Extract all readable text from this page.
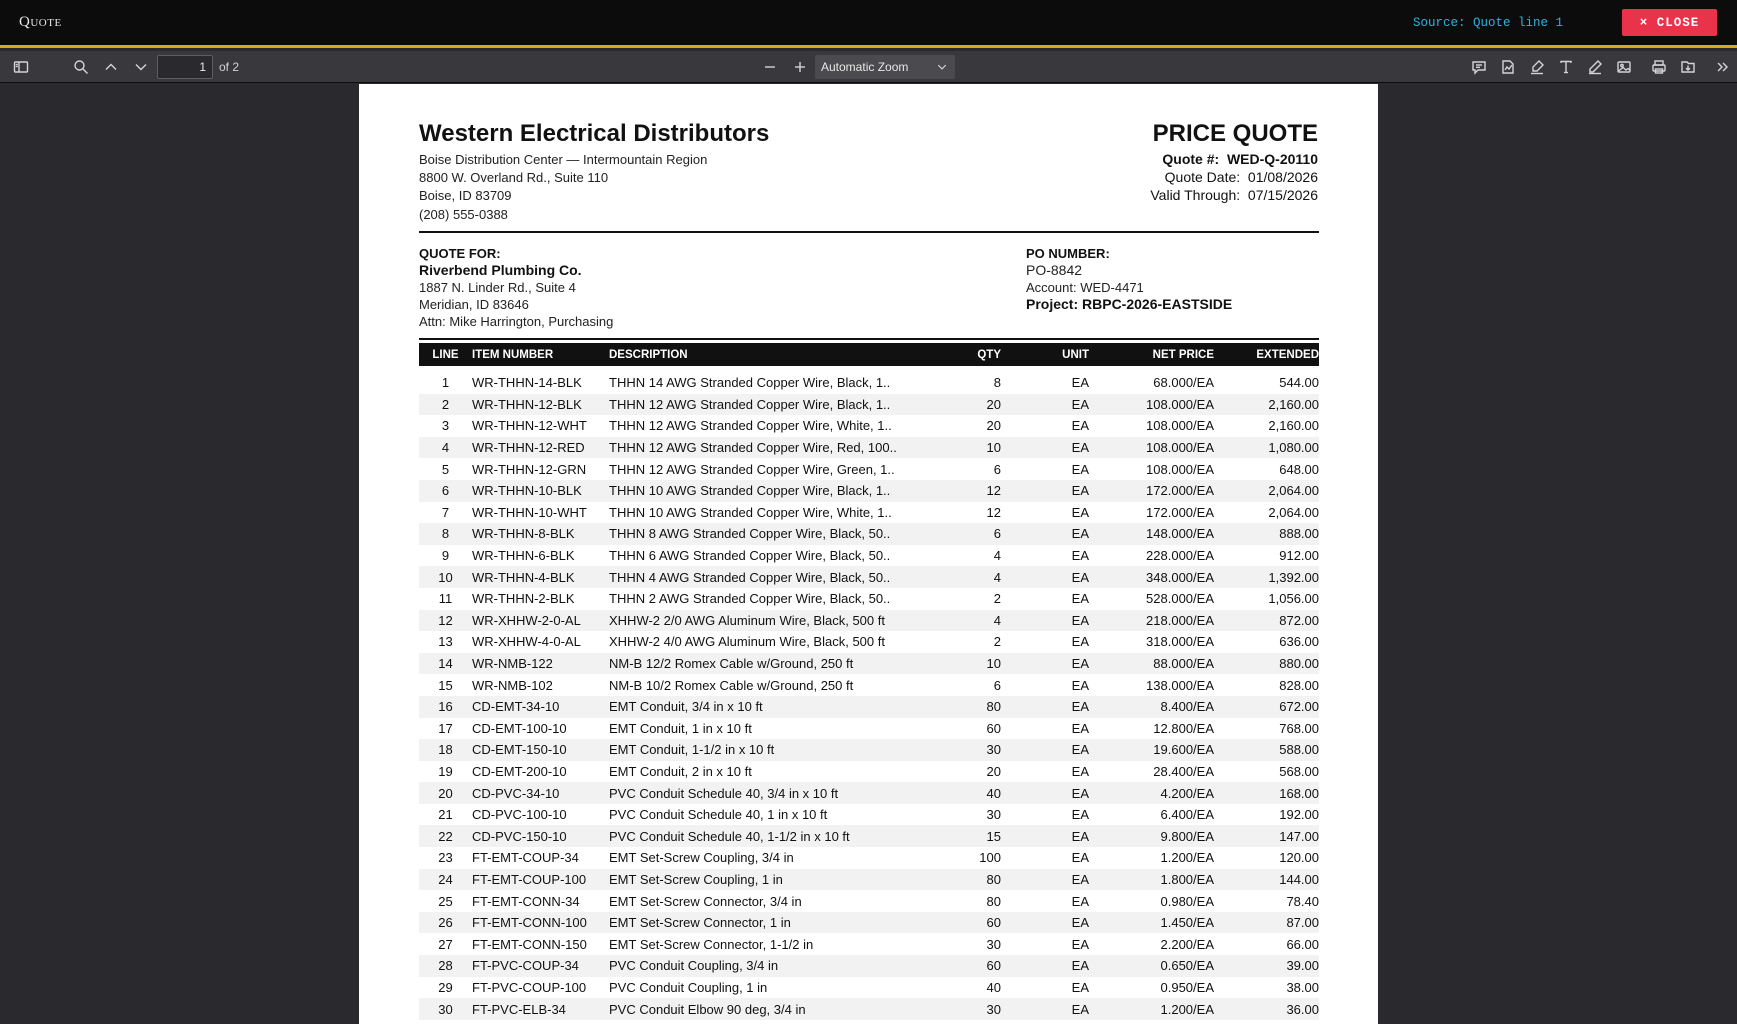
Quote	Source: Quote line 1	× CLOSE
1	of 2	Automatic Zoom
Western Electrical Distributors
Boise Distribution Center — Intermountain Region
8800 W. Overland Rd., Suite 110
Boise, ID 83709
(208) 555-0388
PRICE QUOTE
Quote #: WED-Q-20110
Quote Date: 01/08/2026
Valid Through: 07/15/2026
QUOTE FOR:
Riverbend Plumbing Co.
1887 N. Linder Rd., Suite 4
Meridian, ID 83646
Attn: Mike Harrington, Purchasing
PO NUMBER:
PO-8842
Account: WED-4471
Project: RBPC-2026-EASTSIDE
LINE	ITEM NUMBER	DESCRIPTION	QTY	UNIT	NET PRICE	EXTENDED
1	WR-THHN-14-BLK	THHN 14 AWG Stranded Copper Wire, Black, 1..	8	EA	68.000/EA	544.00
2	WR-THHN-12-BLK	THHN 12 AWG Stranded Copper Wire, Black, 1..	20	EA	108.000/EA	2,160.00
3	WR-THHN-12-WHT	THHN 12 AWG Stranded Copper Wire, White, 1..	20	EA	108.000/EA	2,160.00
4	WR-THHN-12-RED	THHN 12 AWG Stranded Copper Wire, Red, 100..	10	EA	108.000/EA	1,080.00
5	WR-THHN-12-GRN	THHN 12 AWG Stranded Copper Wire, Green, 1..	6	EA	108.000/EA	648.00
6	WR-THHN-10-BLK	THHN 10 AWG Stranded Copper Wire, Black, 1..	12	EA	172.000/EA	2,064.00
7	WR-THHN-10-WHT	THHN 10 AWG Stranded Copper Wire, White, 1..	12	EA	172.000/EA	2,064.00
8	WR-THHN-8-BLK	THHN 8 AWG Stranded Copper Wire, Black, 50..	6	EA	148.000/EA	888.00
9	WR-THHN-6-BLK	THHN 6 AWG Stranded Copper Wire, Black, 50..	4	EA	228.000/EA	912.00
10	WR-THHN-4-BLK	THHN 4 AWG Stranded Copper Wire, Black, 50..	4	EA	348.000/EA	1,392.00
11	WR-THHN-2-BLK	THHN 2 AWG Stranded Copper Wire, Black, 50..	2	EA	528.000/EA	1,056.00
12	WR-XHHW-2-0-AL	XHHW-2 2/0 AWG Aluminum Wire, Black, 500 ft	4	EA	218.000/EA	872.00
13	WR-XHHW-4-0-AL	XHHW-2 4/0 AWG Aluminum Wire, Black, 500 ft	2	EA	318.000/EA	636.00
14	WR-NMB-122	NM-B 12/2 Romex Cable w/Ground, 250 ft	10	EA	88.000/EA	880.00
15	WR-NMB-102	NM-B 10/2 Romex Cable w/Ground, 250 ft	6	EA	138.000/EA	828.00
16	CD-EMT-34-10	EMT Conduit, 3/4 in x 10 ft	80	EA	8.400/EA	672.00
17	CD-EMT-100-10	EMT Conduit, 1 in x 10 ft	60	EA	12.800/EA	768.00
18	CD-EMT-150-10	EMT Conduit, 1-1/2 in x 10 ft	30	EA	19.600/EA	588.00
19	CD-EMT-200-10	EMT Conduit, 2 in x 10 ft	20	EA	28.400/EA	568.00
20	CD-PVC-34-10	PVC Conduit Schedule 40, 3/4 in x 10 ft	40	EA	4.200/EA	168.00
21	CD-PVC-100-10	PVC Conduit Schedule 40, 1 in x 10 ft	30	EA	6.400/EA	192.00
22	CD-PVC-150-10	PVC Conduit Schedule 40, 1-1/2 in x 10 ft	15	EA	9.800/EA	147.00
23	FT-EMT-COUP-34	EMT Set-Screw Coupling, 3/4 in	100	EA	1.200/EA	120.00
24	FT-EMT-COUP-100	EMT Set-Screw Coupling, 1 in	80	EA	1.800/EA	144.00
25	FT-EMT-CONN-34	EMT Set-Screw Connector, 3/4 in	80	EA	0.980/EA	78.40
26	FT-EMT-CONN-100	EMT Set-Screw Connector, 1 in	60	EA	1.450/EA	87.00
27	FT-EMT-CONN-150	EMT Set-Screw Connector, 1-1/2 in	30	EA	2.200/EA	66.00
28	FT-PVC-COUP-34	PVC Conduit Coupling, 3/4 in	60	EA	0.650/EA	39.00
29	FT-PVC-COUP-100	PVC Conduit Coupling, 1 in	40	EA	0.950/EA	38.00
30	FT-PVC-ELB-34	PVC Conduit Elbow 90 deg, 3/4 in	30	EA	1.200/EA	36.00
